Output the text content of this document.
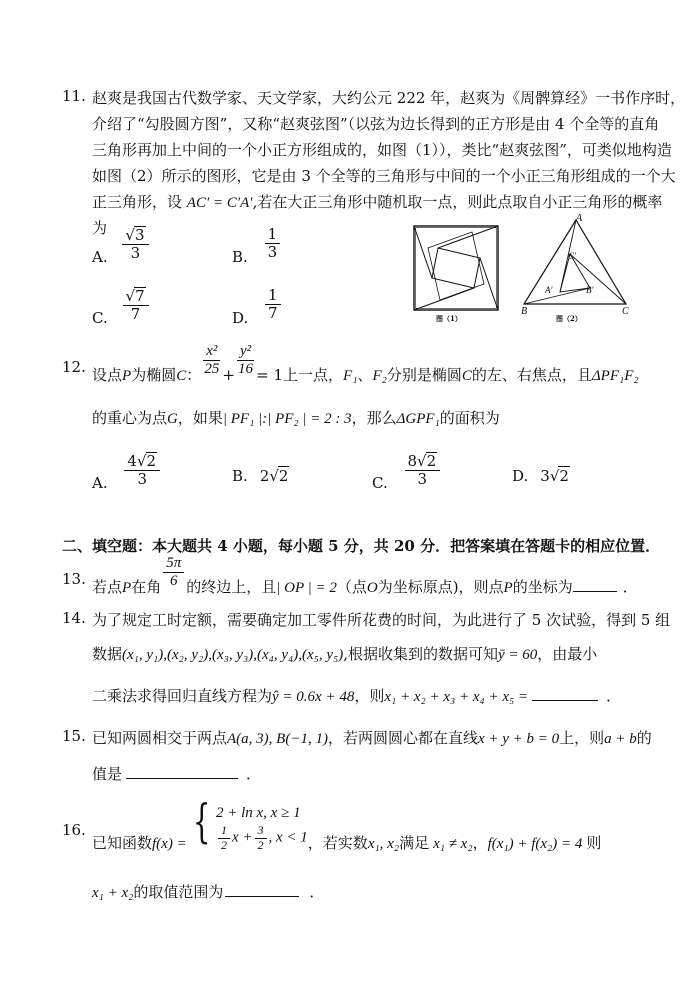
11. 赵爽是我国古代数学家、天文学家，大约公元 222 年，赵爽为《周髀算经》一书作序时，
介绍了“勾股圆方图”，又称“赵爽弦图”（以弦为边长得到的正方形是由 4 个全等的直角
三角形再加上中间的一个小正方形组成的，如图（1）），类比“赵爽弦图”，可类似地构造
如图（2）所示的图形，它是由 3 个全等的三角形与中间的一个小正三角形组成的一个大
正三角形，设 AC′ = C′A′,若在大正三角形中随机取一点，则此点取自小正三角形的概率
为
A. $\frac{√3}{3}$	B. $\frac{1}{3}$
C. $\frac{√7}{7}$	D. $\frac{1}{7}$	图（1）
A
C′
A′	B′
B	C
图（2）
12. 设点P为椭圆C： $\frac{\text{x²}}{25} + \frac{\text{y²}}{16} = 1$上一点，F₁、F₂分别是椭圆C的左、右焦点，且ΔPF₁F₂
的重心为点G，如果| PF₁ |:| PF₂ | = 2 : 3，那么ΔGPF₁的面积为
A. $\frac{4√2}{3}$	B. 2√2	C. $\frac{8√2}{3}$	D. 3√2
二、填空题：本大题共 4 小题，每小题 5 分，共 20 分．把答案填在答题卡的相应位置．
13. 若点P在角 $\frac{5\pi}{6}$ 的终边上，且| OP | = 2（点O为坐标原点)，则点P的坐标为	．
14. 为了规定工时定额，需要确定加工零件所花费的时间，为此进行了 5 次试验，得到 5 组
数据(x₁, y₁),(x₂, y₂),(x₃, y₃),(x₄, y₄),(x₅, y₅),根据收集到的数据可知ȳ = 60，由最小
二乘法求得回归直线方程为ŷ = 0.6x + 48，则x₁ + x₂ + x₃ + x₄ + x₅ =	．
15. 已知两圆相交于两点A(a, 3), B(−1, 1)，若两圆圆心都在直线x + y + b = 0上，则a + b的
值是	．
16.
已知函数f(x) = { 2 + ln x, x ≥ 1
$\frac{1}{2}$ $x + \frac{3}{2}$ , x < 1 ，若实数x₁, x₂满足 x₁ ≠ x₂，f(x₁) + f(x₂) = 4 则
x₁ + x₂的取值范围为	．
